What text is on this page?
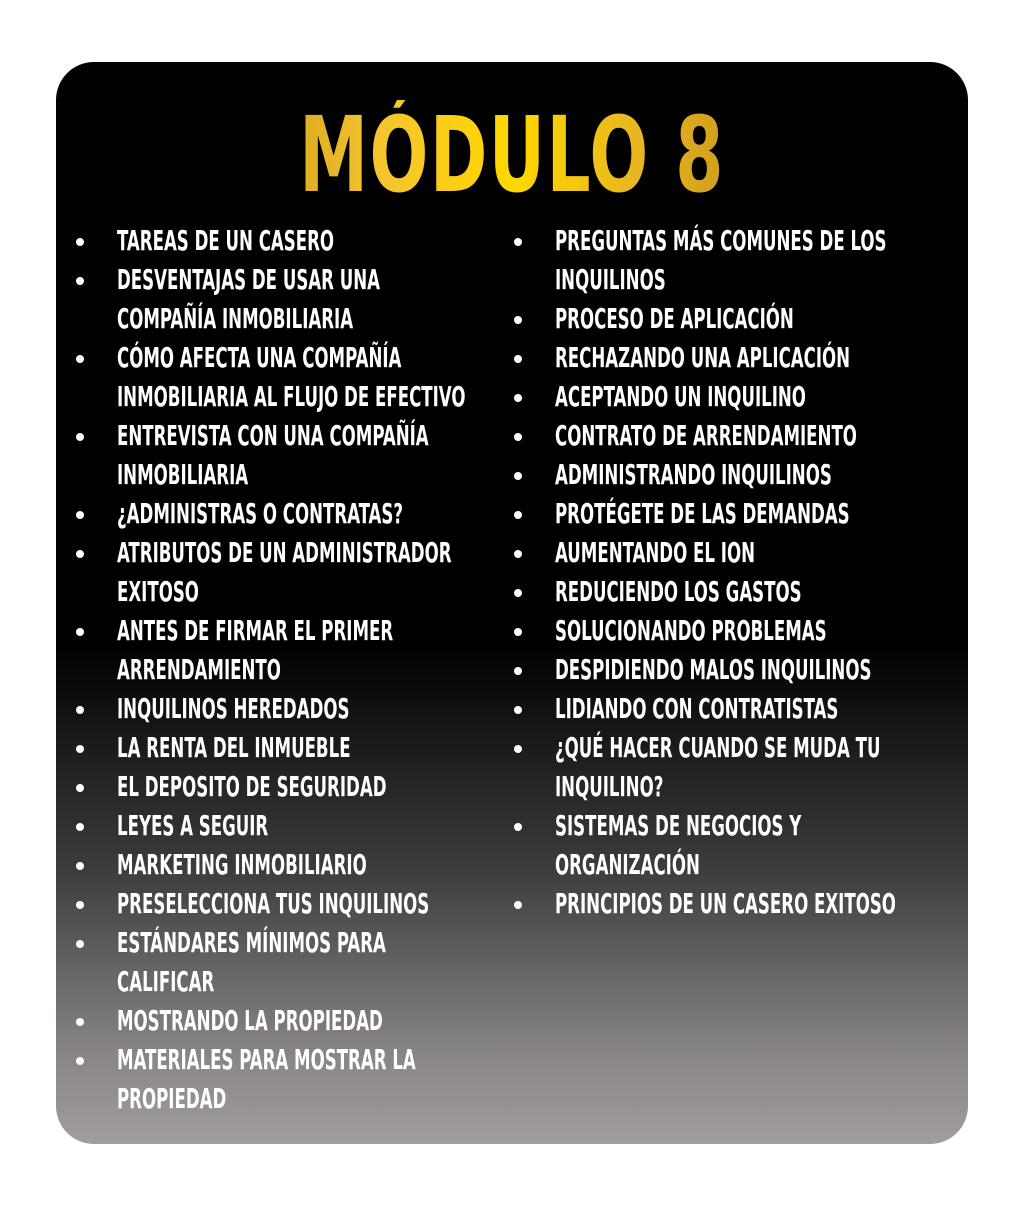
MÓDULO 8
TAREAS DE UN CASERO
DESVENTAJAS DE USAR UNA
COMPAÑÍA INMOBILIARIA
CÓMO AFECTA UNA COMPAÑÍA
INMOBILIARIA AL FLUJO DE EFECTIVO
ENTREVISTA CON UNA COMPAÑÍA
INMOBILIARIA
¿ADMINISTRAS O CONTRATAS?
ATRIBUTOS DE UN ADMINISTRADOR
EXITOSO
ANTES DE FIRMAR EL PRIMER
ARRENDAMIENTO
INQUILINOS HEREDADOS
LA RENTA DEL INMUEBLE
EL DEPOSITO DE SEGURIDAD
LEYES A SEGUIR
MARKETING INMOBILIARIO
PRESELECCIONA TUS INQUILINOS
ESTÁNDARES MÍNIMOS PARA
CALIFICAR
MOSTRANDO LA PROPIEDAD
MATERIALES PARA MOSTRAR LA
PROPIEDAD
PREGUNTAS MÁS COMUNES DE LOS
INQUILINOS
PROCESO DE APLICACIÓN
RECHAZANDO UNA APLICACIÓN
ACEPTANDO UN INQUILINO
CONTRATO DE ARRENDAMIENTO
ADMINISTRANDO INQUILINOS
PROTÉGETE DE LAS DEMANDAS
AUMENTANDO EL ION
REDUCIENDO LOS GASTOS
SOLUCIONANDO PROBLEMAS
DESPIDIENDO MALOS INQUILINOS
LIDIANDO CON CONTRATISTAS
¿QUÉ HACER CUANDO SE MUDA TU
INQUILINO?
SISTEMAS DE NEGOCIOS Y
ORGANIZACIÓN
PRINCIPIOS DE UN CASERO EXITOSO
